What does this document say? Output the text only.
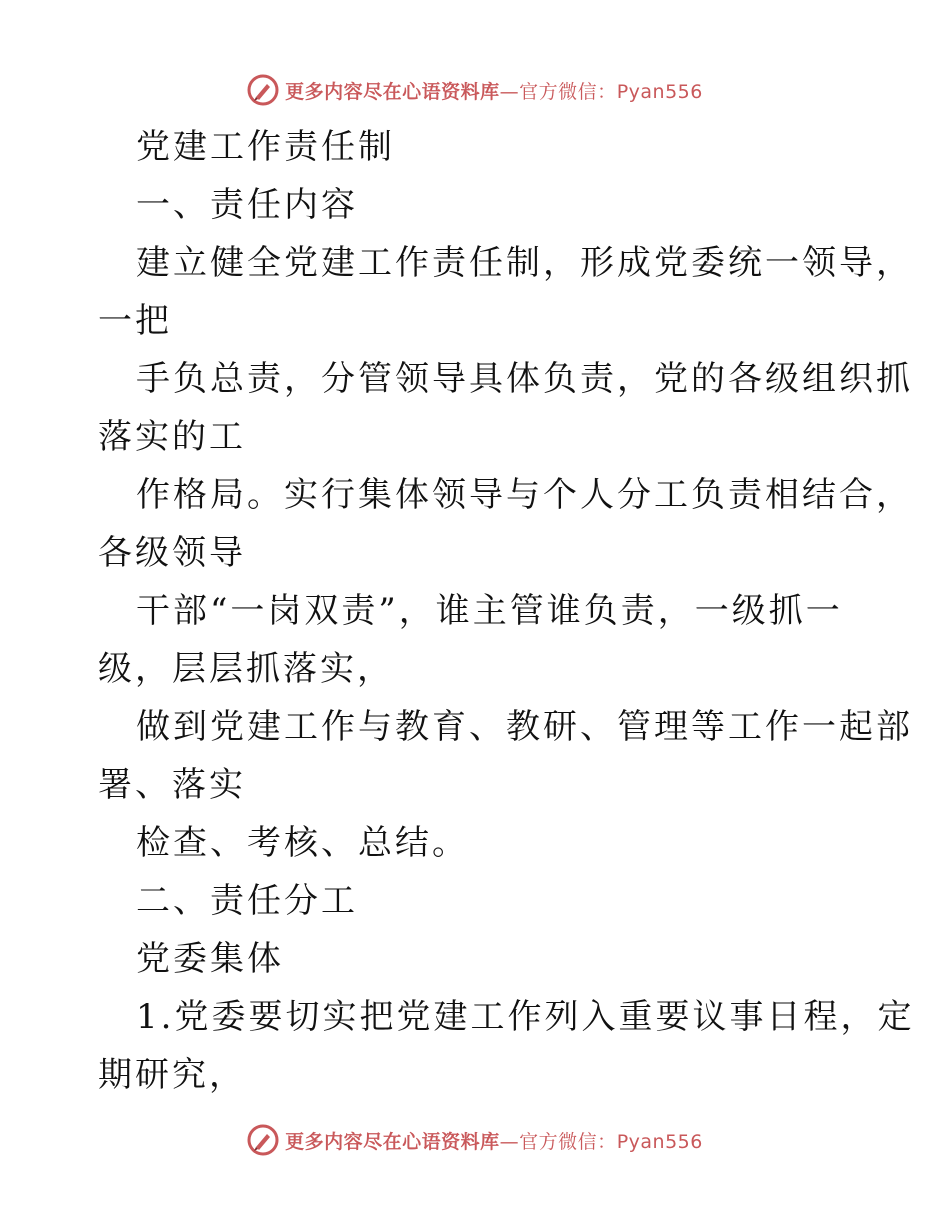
更多内容尽在心语资料库—官方微信：Pyan556
党建工作责任制
一、责任内容
建立健全党建工作责任制，形成党委统一领导，
一把
手负总责，分管领导具体负责，党的各级组织抓
落实的工
作格局。实行集体领导与个人分工负责相结合，
各级领导
干部“一岗双责”，谁主管谁负责，一级抓一
级，层层抓落实，
做到党建工作与教育、教研、管理等工作一起部
署、落实
检查、考核、总结。
二、责任分工
党委集体
1.党委要切实把党建工作列入重要议事日程，定
期研究，
更多内容尽在心语资料库—官方微信：Pyan556
